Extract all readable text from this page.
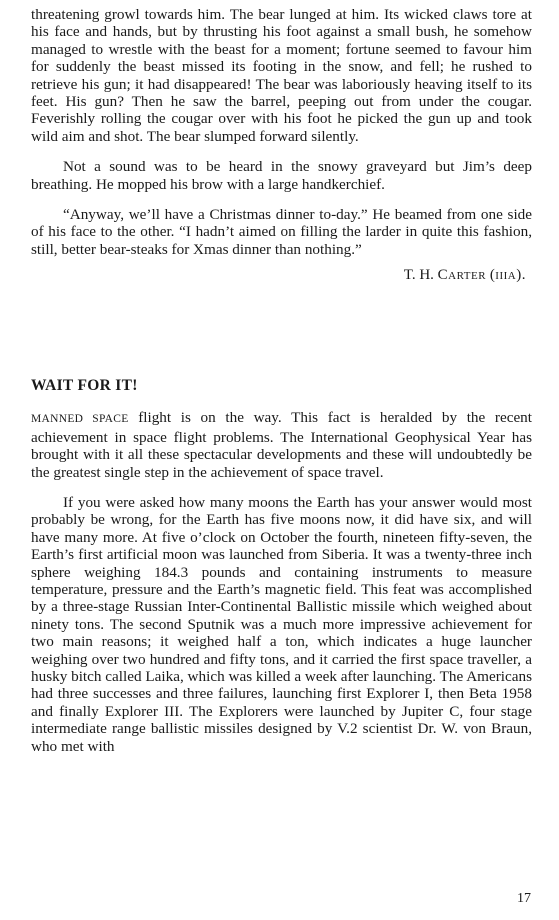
threatening growl towards him. The bear lunged at him. Its wicked claws tore at his face and hands, but by thrusting his foot against a small bush, he somehow managed to wrestle with the beast for a moment; fortune seemed to favour him for suddenly the beast missed its footing in the snow, and fell; he rushed to retrieve his gun; it had disappeared! The bear was laboriously heaving itself to its feet. His gun? Then he saw the barrel, peeping out from under the cougar. Feverishly rolling the cougar over with his foot he picked the gun up and took wild aim and shot. The bear slumped forward silently.

Not a sound was to be heard in the snowy graveyard but Jim’s deep breathing. He mopped his brow with a large handkerchief.

“Anyway, we’ll have a Christmas dinner to-day.” He beamed from one side of his face to the other. “I hadn’t aimed on filling the larder in quite this fashion, still, better bear-steaks for Xmas dinner than nothing.”

T. H. Carter (iiia).
WAIT FOR IT!

MANNED SPACE flight is on the way. This fact is heralded by the recent achievement in space flight problems. The International Geophysical Year has brought with it all these spectacular developments and these will undoubtedly be the greatest single step in the achievement of space travel.

If you were asked how many moons the Earth has your answer would most probably be wrong, for the Earth has five moons now, it did have six, and will have many more. At five o’clock on October the fourth, nineteen fifty-seven, the Earth’s first artificial moon was launched from Siberia. It was a twenty-three inch sphere weighing 184.3 pounds and containing instruments to measure temperature, pressure and the Earth’s magnetic field. This feat was accomplished by a three-stage Russian Inter-Continental Ballistic missile which weighed about ninety tons. The second Sputnik was a much more impressive achievement for two main reasons; it weighed half a ton, which indicates a huge launcher weighing over two hundred and fifty tons, and it carried the first space traveller, a husky bitch called Laika, which was killed a week after launching. The Americans had three successes and three failures, launching first Explorer I, then Beta 1958 and finally Explorer III. The Explorers were launched by Jupiter C, four stage intermediate range ballistic missiles designed by V.2 scientist Dr. W. von Braun, who met with

17
